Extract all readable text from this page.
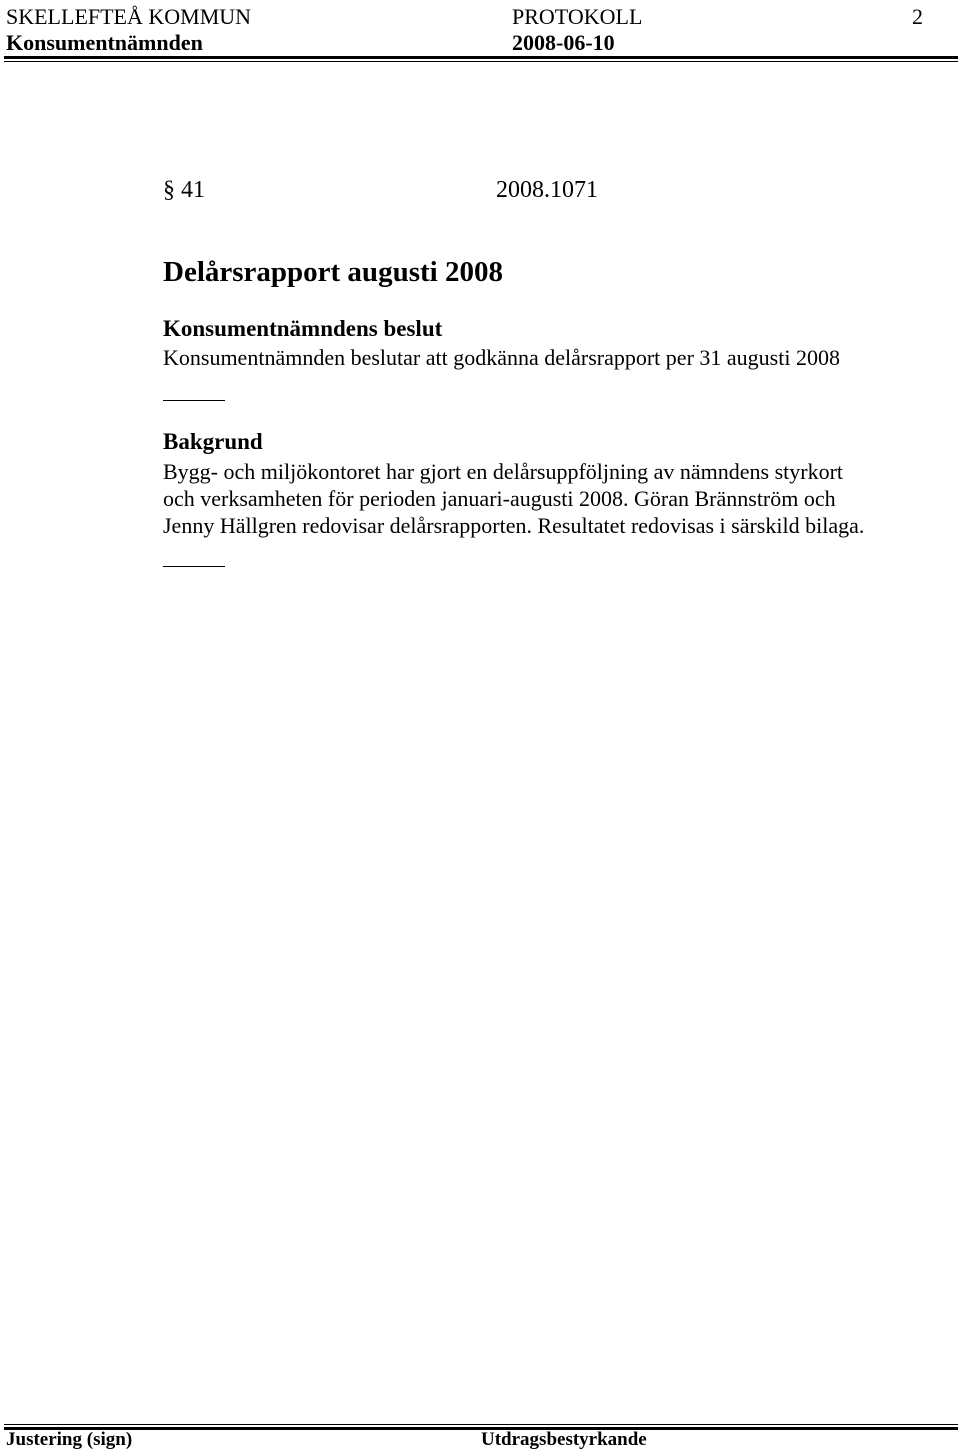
SKELLEFTEÅ KOMMUN	PROTOKOLL	2
Konsumentnämnden	2008-06-10
§ 41	2008.1071
Delårsrapport augusti 2008
Konsumentnämndens beslut
Konsumentnämnden beslutar att godkänna delårsrapport per 31 augusti 2008
Bakgrund
Bygg- och miljökontoret har gjort en delårsuppföljning av nämndens styrkort
och verksamheten för perioden januari-augusti 2008. Göran Brännström och
Jenny Hällgren redovisar delårsrapporten. Resultatet redovisas i särskild bilaga.
Justering (sign)	Utdragsbestyrkande
